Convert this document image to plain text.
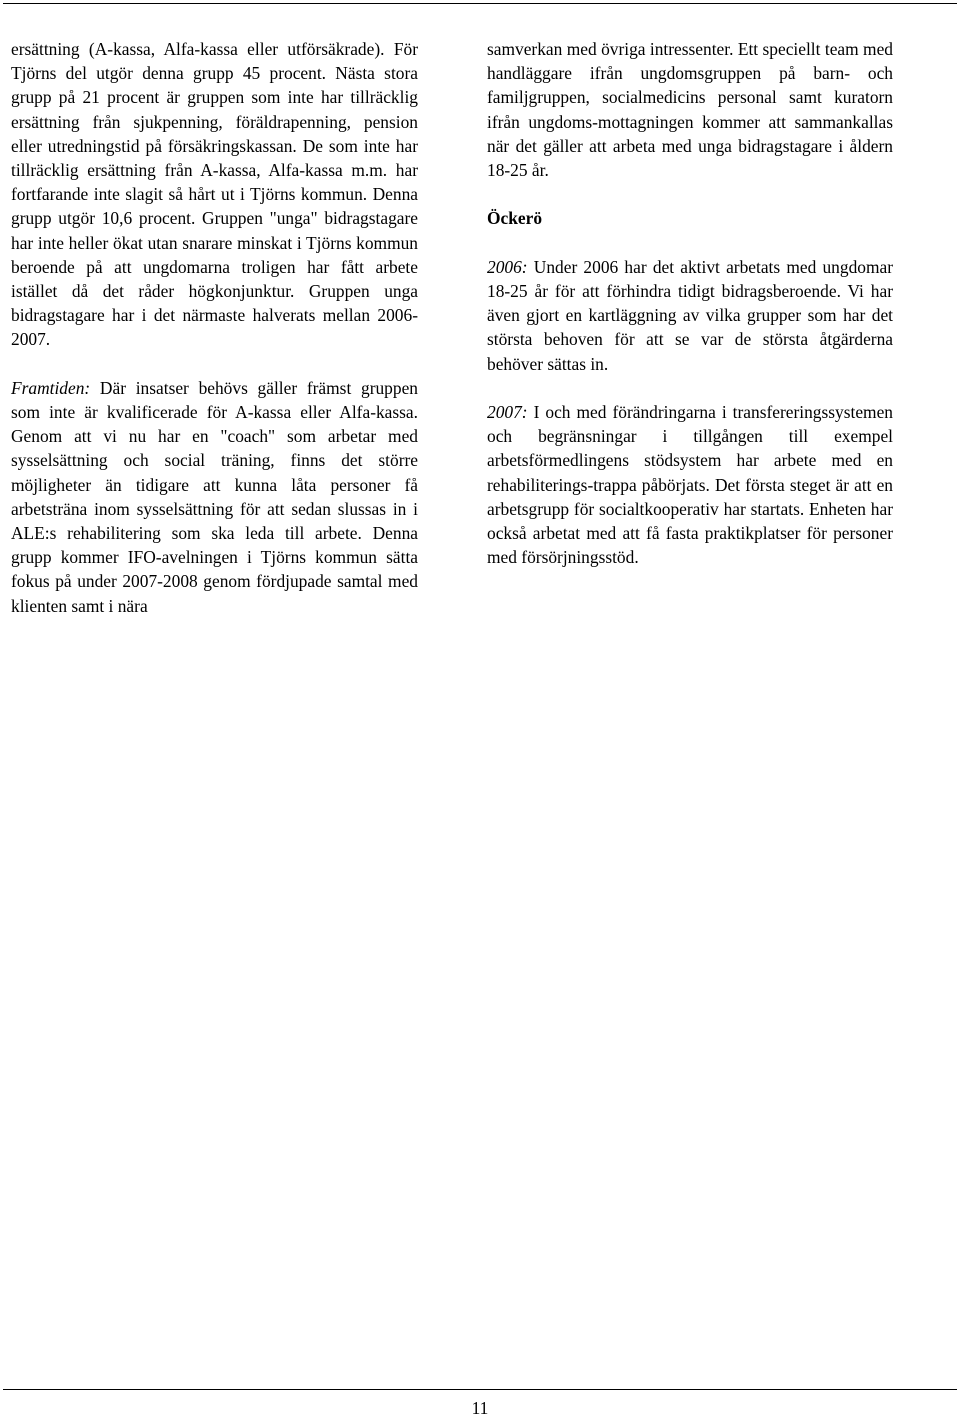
ersättning (A-kassa, Alfa-kassa eller utförsäkrade). För Tjörns del utgör denna grupp 45 procent. Nästa stora grupp på 21 procent är gruppen som inte har tillräcklig ersättning från sjukpenning, föräldrapenning, pension eller utredningstid på försäkringskassan. De som inte har tillräcklig ersättning från A-kassa, Alfa-kassa m.m. har fortfarande inte slagit så hårt ut i Tjörns kommun. Denna grupp utgör 10,6 procent. Gruppen "unga" bidragstagare har inte heller ökat utan snarare minskat i Tjörns kommun beroende på att ungdomarna troligen har fått arbete istället då det råder högkonjunktur. Gruppen unga bidragstagare har i det närmaste halverats mellan 2006-2007.

Framtiden: Där insatser behövs gäller främst gruppen som inte är kvalificerade för A-kassa eller Alfa-kassa. Genom att vi nu har en "coach" som arbetar med sysselsättning och social träning, finns det större möjligheter än tidigare att kunna låta personer få arbetsträna inom sysselsättning för att sedan slussas in i ALE:s rehabilitering som ska leda till arbete. Denna grupp kommer IFO-avelningen i Tjörns kommun sätta fokus på under 2007-2008 genom fördjupade samtal med klienten samt i nära

samverkan med övriga intressenter. Ett speciellt team med handläggare ifrån ungdomsgruppen på barn- och familjgruppen, socialmedicins personal samt kuratorn ifrån ungdoms-mottagningen kommer att sammankallas när det gäller att arbeta med unga bidragstagare i åldern 18-25 år.

Öckerö

2006: Under 2006 har det aktivt arbetats med ungdomar 18-25 år för att förhindra tidigt bidragsberoende. Vi har även gjort en kartläggning av vilka grupper som har det största behoven för att se var de största åtgärderna behöver sättas in.

2007: I och med förändringarna i transfereringssystemen och begränsningar i tillgången till exempel arbetsförmedlingens stödsystem har arbete med en rehabiliterings-trappa påbörjats. Det första steget är att en arbetsgrupp för socialtkooperativ har startats. Enheten har också arbetat med att få fasta praktikplatser för personer med försörjningsstöd.

11
